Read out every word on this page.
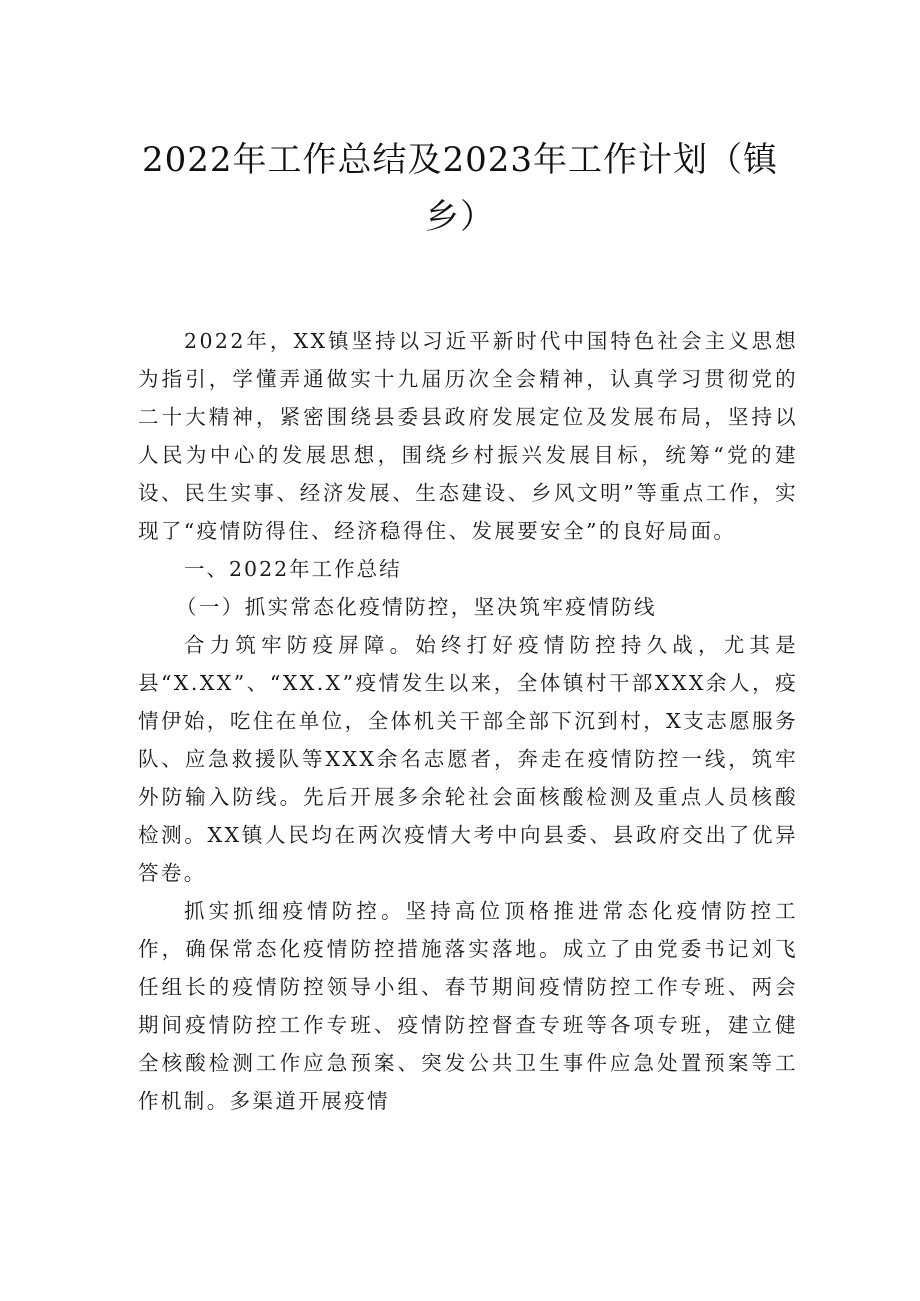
2022年工作总结及2023年工作计划（镇
乡）

2022年，XX镇坚持以习近平新时代中国特色社会主义思想为指引，学懂弄通做实十九届历次全会精神，认真学习贯彻党的二十大精神，紧密围绕县委县政府发展定位及发展布局，坚持以人民为中心的发展思想，围绕乡村振兴发展目标，统筹“党的建设、民生实事、经济发展、生态建设、乡风文明”等重点工作，实现了“疫情防得住、经济稳得住、发展要安全”的良好局面。

一、2022年工作总结

（一）抓实常态化疫情防控，坚决筑牢疫情防线

合力筑牢防疫屏障。始终打好疫情防控持久战，尤其是县“X.XX”、“XX.X”疫情发生以来，全体镇村干部XXX余人，疫情伊始，吃住在单位，全体机关干部全部下沉到村，X支志愿服务队、应急救援队等XXX余名志愿者，奔走在疫情防控一线，筑牢外防输入防线。先后开展多余轮社会面核酸检测及重点人员核酸检测。XX镇人民均在两次疫情大考中向县委、县政府交出了优异答卷。

抓实抓细疫情防控。坚持高位顶格推进常态化疫情防控工作，确保常态化疫情防控措施落实落地。成立了由党委书记刘飞任组长的疫情防控领导小组、春节期间疫情防控工作专班、两会期间疫情防控工作专班、疫情防控督查专班等各项专班，建立健全核酸检测工作应急预案、突发公共卫生事件应急处置预案等工作机制。多渠道开展疫情
